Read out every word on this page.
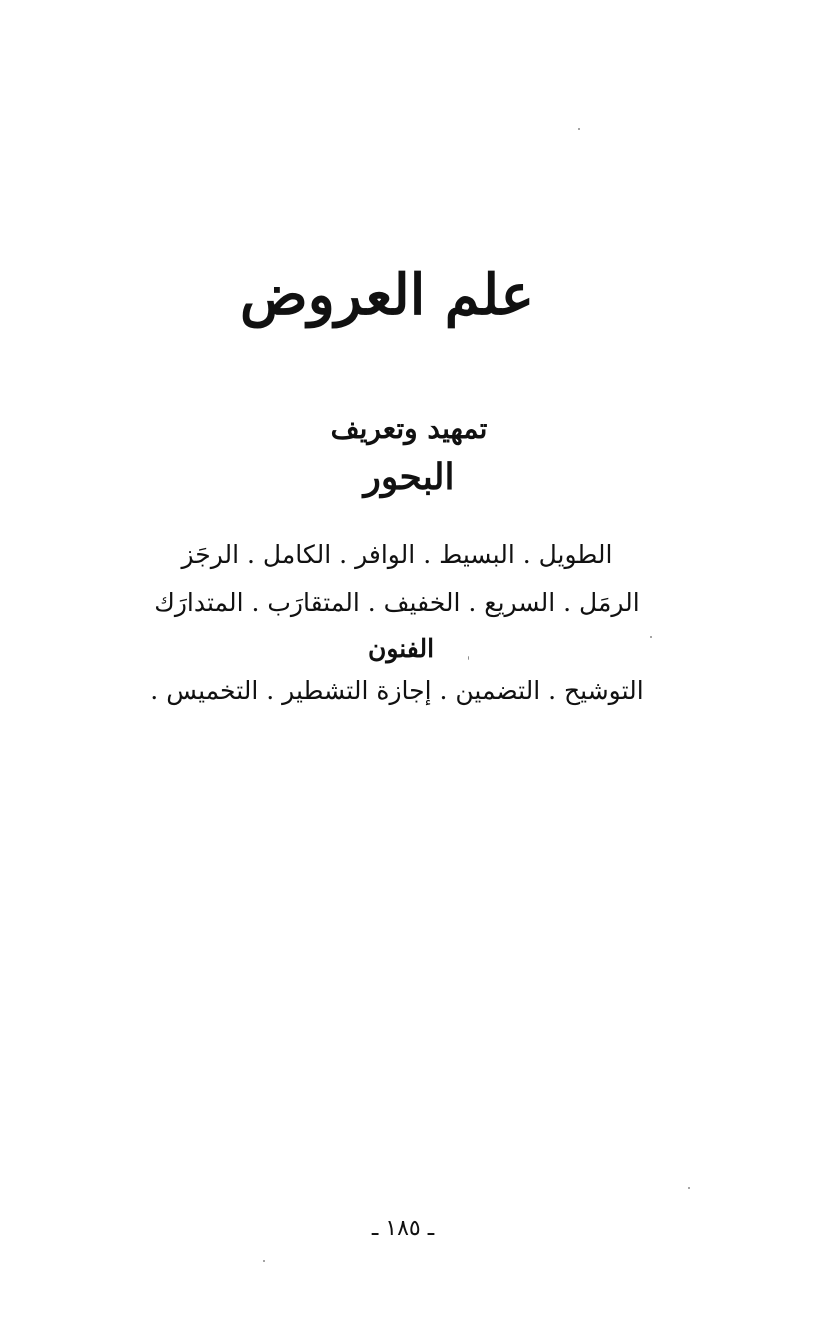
علم العروض
تمهيد وتعريف
البحور
الطويل . البسيط . الوافر . الكامل . الرجَز
الرمَل . السريع . الخفيف . المتقارَب . المتدارَك
الفنون
التوشيح . التضمين . إجازة التشطير . التخميس .
ـ ١٨٥ ـ
